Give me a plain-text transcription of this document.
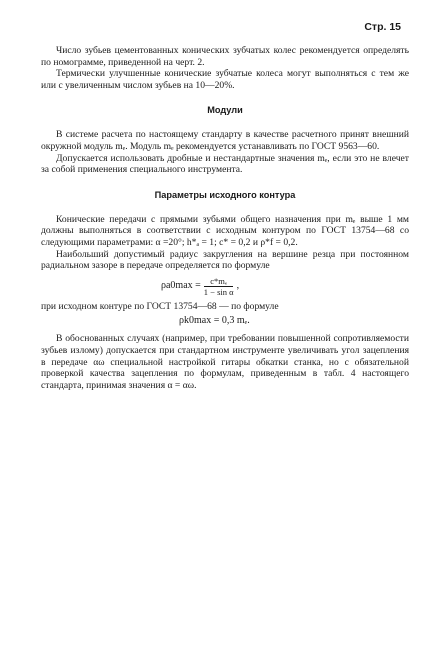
Стр. 15

Число зубьев цементованных конических зубчатых колес рекомендуется определять по номограмме, приведенной на черт. 2.

Термически улучшенные конические зубчатые колеса могут выполняться с тем же или с увеличенным числом зубьев на 10—20%.

Модули

В системе расчета по настоящему стандарту в качестве расчетного принят внешний окружной модуль mₑ. Модуль mₑ рекомендуется устанавливать по ГОСТ 9563—60.

Допускается использовать дробные и нестандартные значения mₑ, если это не влечет за собой применения специального инструмента.

Параметры исходного контура

Конические передачи с прямыми зубьями общего назначения при mₑ выше 1 мм должны выполняться в соответствии с исходным контуром по ГОСТ 13754—68 со следующими параметрами: α =20°; h*ₐ = 1; c* = 0,2 и ρ*f = 0,2.

Наибольший допустимый радиус закругления на вершине резца при постоянном радиальном зазоре в передаче определяется по формуле

$\rho a0\max = \frac{\text{c*mₑ}}{\text{1 − sin α}}$ ,

при исходном контуре по ГОСТ 13754—68 — по формуле

ρk0max = 0,3 mₑ.

В обоснованных случаях (например, при требовании повышенной сопротивляемости зубьев излому) допускается при стандартном инструменте увеличивать угол зацепления в передаче αω специальной настройкой гитары обкатки станка, но с обязательной проверкой качества зацепления по формулам, приведенным в табл. 4 настоящего стандарта, принимая значения α = αω.
